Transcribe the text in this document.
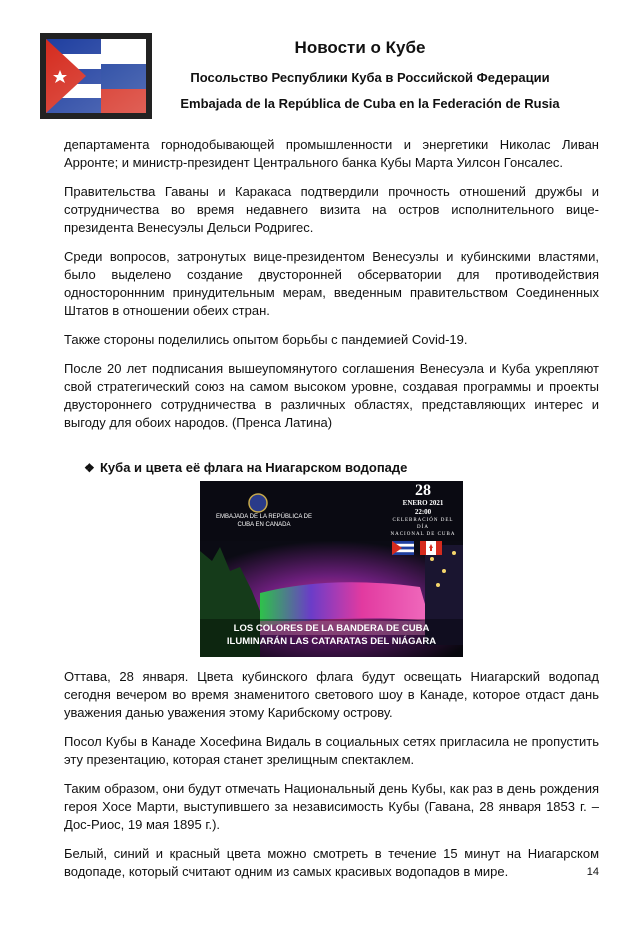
Новости о Кубе
Посольство Республики Куба в Российской Федерации
Embajada de la República de Cuba en la Federación de Rusia

департамента горнодобывающей промышленности и энергетики Николас Ливан Арронте; и министр-президент Центрального банка Кубы Марта Уилсон Гонсалес.

Правительства Гаваны и Каракаса подтвердили прочность отношений дружбы и сотрудничества во время недавнего визита на остров исполнительного вице-президента Венесуэлы Дельси Родригес.

Среди вопросов, затронутых вице-президентом Венесуэлы и кубинскими властями, было выделено создание двусторонней обсерватории для противодействия одностороннним принудительным мерам, введенным правительством Соединенных Штатов в отношении обеих стран.

Также стороны поделились опытом борьбы с пандемией Covid-19.

После 20 лет подписания вышеупомянутого соглашения Венесуэла и Куба укрепляют свой стратегический союз на самом высоком уровне, создавая программы и проекты двустороннего сотрудничества в различных областях, представляющих интерес и выгоду для обоих народов. (Пренса Латина)

❖ Куба и цвета её флага на Ниагарском водопаде
EMBAJADA DE LA REPÚBLICA DE
CUBA EN CANADA
28
ENERO 2021
22:00
CELEBRACIÓN DEL DÍA
NACIONAL DE CUBA
LOS COLORES DE LA BANDERA DE CUBA
ILUMINARÁN LAS CATARATAS DEL NIÁGARA

Оттава, 28 января. Цвета кубинского флага будут освещать Ниагарский водопад сегодня вечером во время знаменитого светового шоу в Канаде, которое отдаст дань уважения данью уважения этому Карибскому острову.

Посол Кубы в Канаде Хосефина Видаль в социальных сетях пригласила не пропустить эту презентацию, которая станет зрелищным спектаклем.

Таким образом, они будут отмечать Национальный день Кубы, как раз в день рождения героя Хосе Марти, выступившего за независимость Кубы (Гавана, 28 января 1853 г. – Дос-Риос, 19 мая 1895 г.).

Белый, синий и красный цвета можно смотреть в течение 15 минут на Ниагарском водопаде, который считают одним из самых красивых водопадов в мире.	14
